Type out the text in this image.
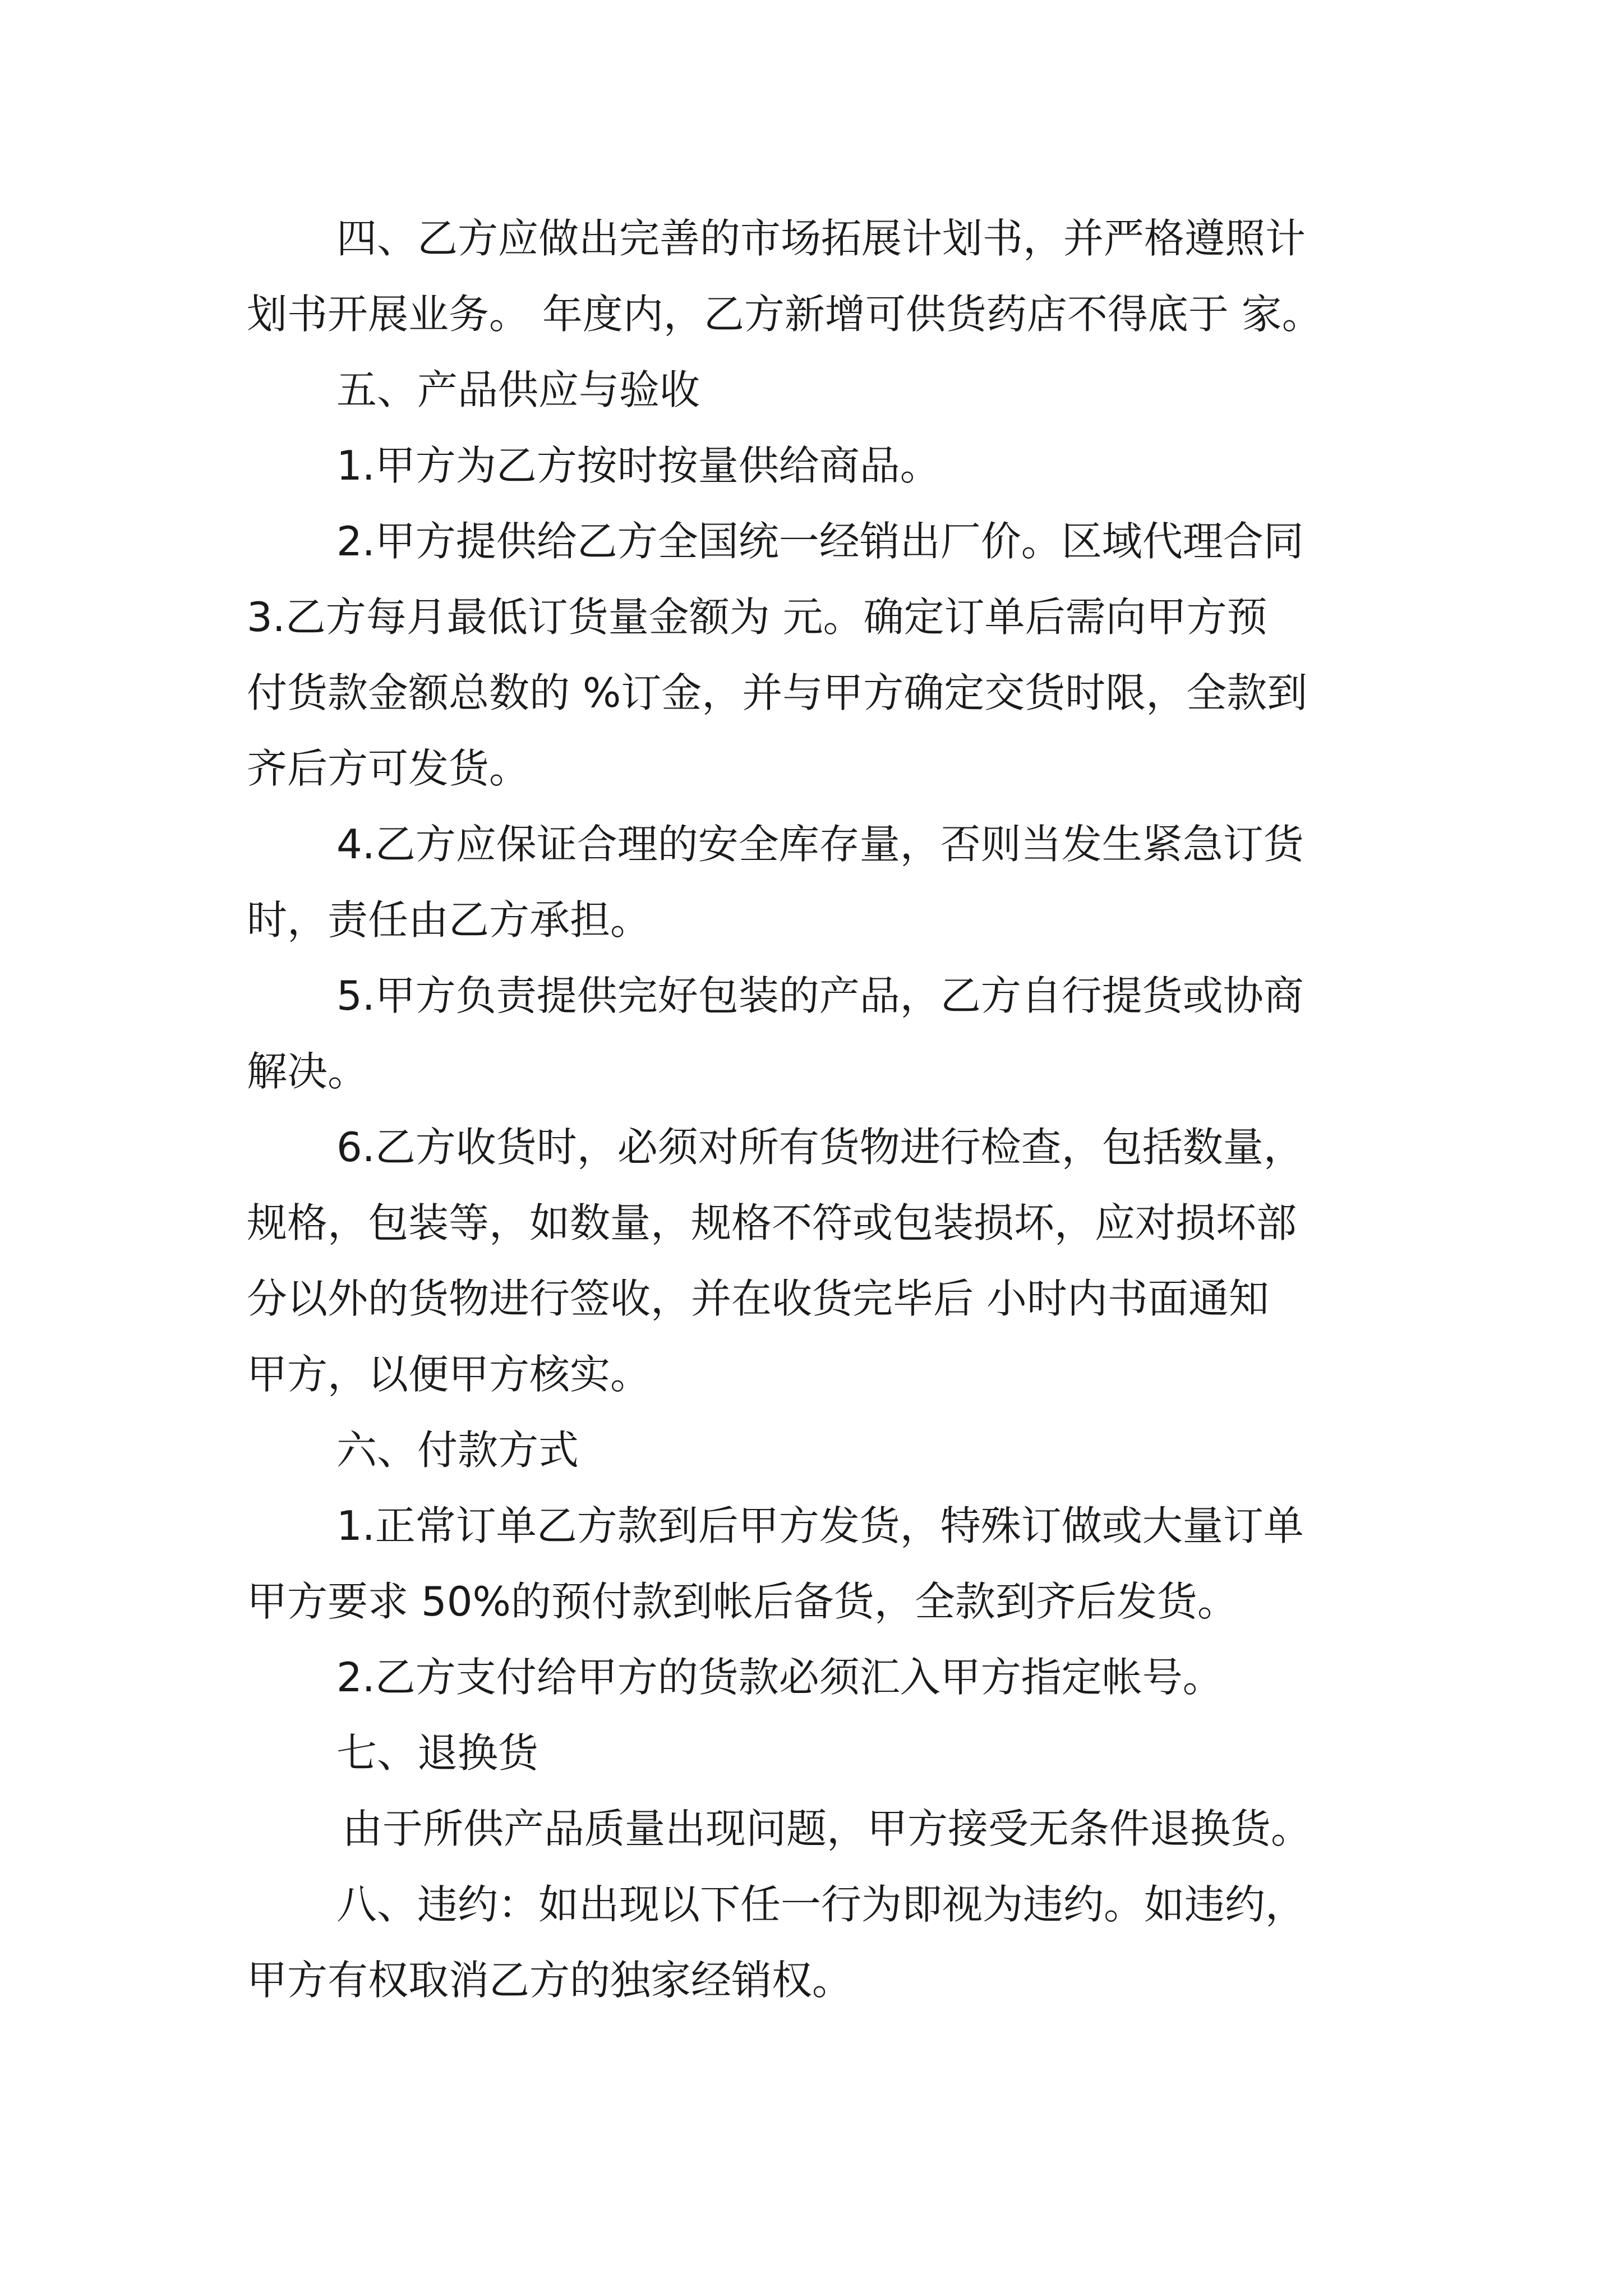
四、乙方应做出完善的市场拓展计划书，并严格遵照计
划书开展业务。 年度内，乙方新增可供货药店不得底于 家。
五、产品供应与验收
1.甲方为乙方按时按量供给商品。
2.甲方提供给乙方全国统一经销出厂价。区域代理合同
3.乙方每月最低订货量金额为 元。确定订单后需向甲方预
付货款金额总数的 %订金，并与甲方确定交货时限，全款到
齐后方可发货。
4.乙方应保证合理的安全库存量，否则当发生紧急订货
时，责任由乙方承担。
5.甲方负责提供完好包装的产品，乙方自行提货或协商
解决。
6.乙方收货时，必须对所有货物进行检查，包括数量，
规格，包装等，如数量，规格不符或包装损坏，应对损坏部
分以外的货物进行签收，并在收货完毕后 小时内书面通知
甲方，以便甲方核实。
六、付款方式
1.正常订单乙方款到后甲方发货，特殊订做或大量订单
甲方要求 50%的预付款到帐后备货，全款到齐后发货。
2.乙方支付给甲方的货款必须汇入甲方指定帐号。
七、退换货
由于所供产品质量出现问题，甲方接受无条件退换货。
八、违约：如出现以下任一行为即视为违约。如违约，
甲方有权取消乙方的独家经销权。
